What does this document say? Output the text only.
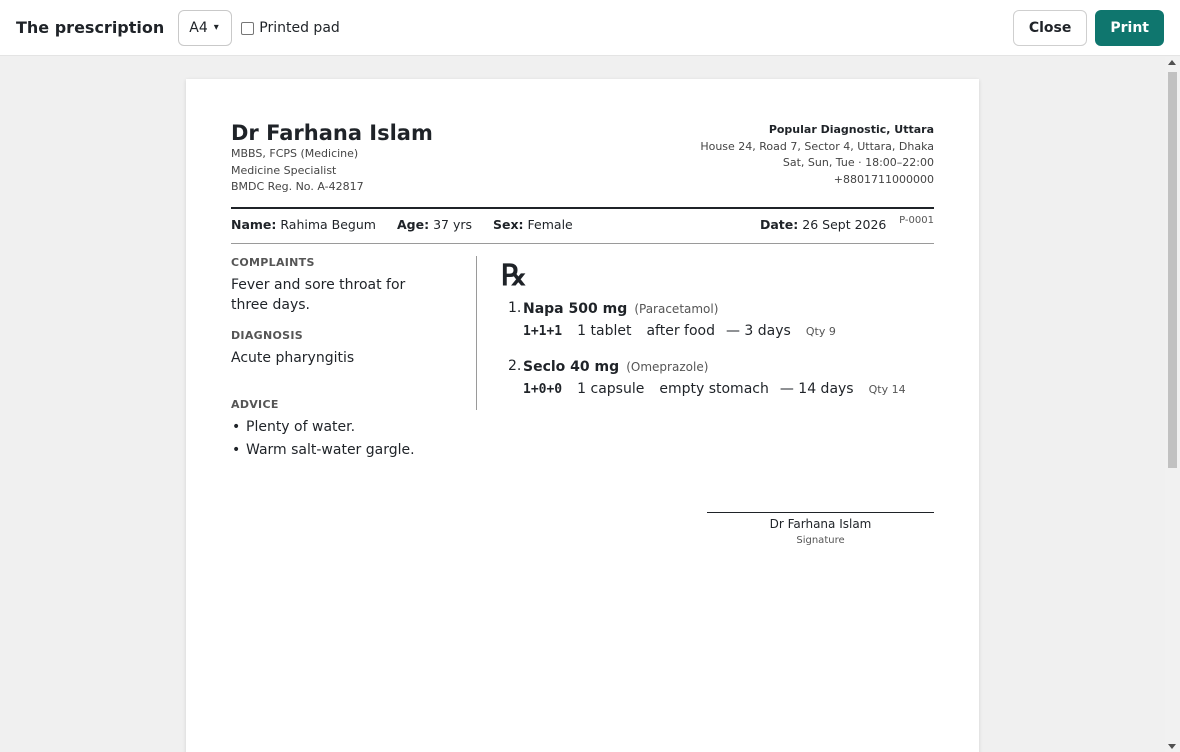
The prescription A4 ▾	Printed pad	Close	Print
Dr Farhana Islam
MBBS, FCPS (Medicine)
Medicine Specialist
BMDC Reg. No. A-42817
Popular Diagnostic, Uttara
House 24, Road 7, Sector 4, Uttara, Dhaka
Sat, Sun, Tue · 18:00–22:00
+8801711000000
Name: Rahima Begum Age: 37 yrs Sex: Female	Date: 26 Sept 2026 P-0001
COMPLAINTS
Fever and sore throat for three days.
DIAGNOSIS
Acute pharyngitis
ADVICE
• Plenty of water.
• Warm salt-water gargle.
℞
1. Napa 500 mg (Paracetamol)
1+1+1 1 tablet after food — 3 days Qty 9
2. Seclo 40 mg (Omeprazole)
1+0+0 1 capsule empty stomach — 14 days Qty 14
Dr Farhana Islam
Signature
